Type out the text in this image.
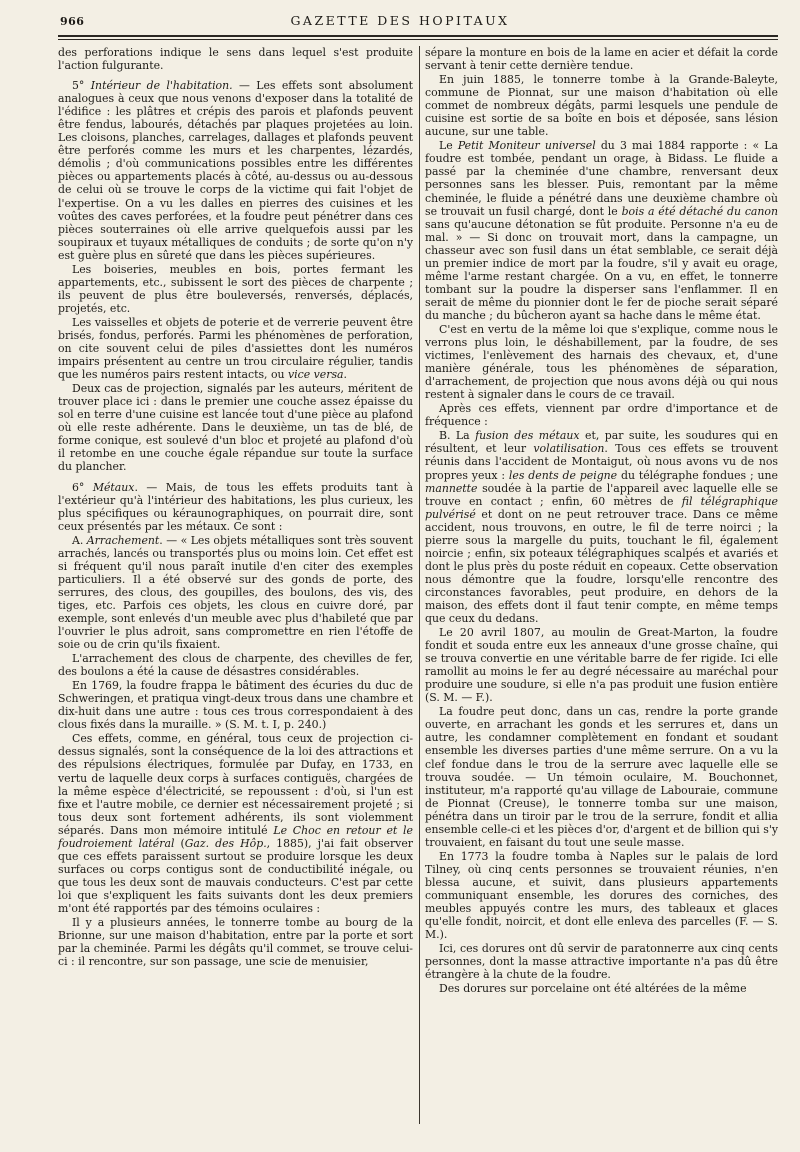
966	GAZETTE DES HOPITAUX

des perforations indique le sens dans lequel s'est produite l'action fulgurante.

5° Intérieur de l'habitation. — Les effets sont absolument analogues à ceux que nous venons d'exposer dans la totalité de l'édifice : les plâtres et crépis des parois et plafonds peuvent être fendus, labourés, détachés par plaques projetées au loin. Les cloisons, planches, carrelages, dallages et plafonds peuvent être perforés comme les murs et les charpentes, lézardés, démolis ; d'où communications possibles entre les différentes pièces ou appartements placés à côté, au-dessus ou au-dessous de celui où se trouve le corps de la victime qui fait l'objet de l'expertise. On a vu les dalles en pierres des cuisines et les voûtes des caves perforées, et la foudre peut pénétrer dans ces pièces souterraines où elle arrive quelquefois aussi par les soupiraux et tuyaux métalliques de conduits ; de sorte qu'on n'y est guère plus en sûreté que dans les pièces supérieures.

Les boiseries, meubles en bois, portes fermant les appartements, etc., subissent le sort des pièces de charpente ; ils peuvent de plus être bouleversés, renversés, déplacés, projetés, etc.

Les vaisselles et objets de poterie et de verrerie peuvent être brisés, fondus, perforés. Parmi les phénomènes de perforation, on cite souvent celui de piles d'assiettes dont les numéros impairs présentent au centre un trou circulaire régulier, tandis que les numéros pairs restent intacts, ou vice versa.

Deux cas de projection, signalés par les auteurs, méritent de trouver place ici : dans le premier une couche assez épaisse du sol en terre d'une cuisine est lancée tout d'une pièce au plafond où elle reste adhérente. Dans le deuxième, un tas de blé, de forme conique, est soulevé d'un bloc et projeté au plafond d'où il retombe en une couche égale répandue sur toute la surface du plancher.

6° Métaux. — Mais, de tous les effets produits tant à l'extérieur qu'à l'intérieur des habitations, les plus curieux, les plus spécifiques ou kéraunographiques, on pourrait dire, sont ceux présentés par les métaux. Ce sont :

A. Arrachement. — « Les objets métalliques sont très souvent arrachés, lancés ou transportés plus ou moins loin. Cet effet est si fréquent qu'il nous paraît inutile d'en citer des exemples particuliers. Il a été observé sur des gonds de porte, des serrures, des clous, des goupilles, des boulons, des vis, des tiges, etc. Parfois ces objets, les clous en cuivre doré, par exemple, sont enlevés d'un meuble avec plus d'habileté que par l'ouvrier le plus adroit, sans compromettre en rien l'étoffe de soie ou de crin qu'ils fixaient.

L'arrachement des clous de charpente, des chevilles de fer, des boulons a été la cause de désastres considérables.

En 1769, la foudre frappa le bâtiment des écuries du duc de Schweringen, et pratiqua vingt-deux trous dans une chambre et dix-huit dans une autre : tous ces trous correspondaient à des clous fixés dans la muraille. » (S. M. t. I, p. 240.)

Ces effets, comme, en général, tous ceux de projection ci-dessus signalés, sont la conséquence de la loi des attractions et des répulsions électriques, formulée par Dufay, en 1733, en vertu de laquelle deux corps à surfaces contiguës, chargées de la même espèce d'électricité, se repoussent : d'où, si l'un est fixe et l'autre mobile, ce dernier est nécessairement projeté ; si tous deux sont fortement adhérents, ils sont violemment séparés. Dans mon mémoire intitulé Le Choc en retour et le foudroiement latéral (Gaz. des Hôp., 1885), j'ai fait observer que ces effets paraissent surtout se produire lorsque les deux surfaces ou corps contigus sont de conductibilité inégale, ou que tous les deux sont de mauvais conducteurs. C'est par cette loi que s'expliquent les faits suivants dont les deux premiers m'ont été rapportés par des témoins oculaires :

Il y a plusieurs années, le tonnerre tombe au bourg de la Brionne, sur une maison d'habitation, entre par la porte et sort par la cheminée. Parmi les dégâts qu'il commet, se trouve celui-ci : il rencontre, sur son passage, une scie de menuisier,

sépare la monture en bois de la lame en acier et défait la corde servant à tenir cette dernière tendue.

En juin 1885, le tonnerre tombe à la Grande-Baleyte, commune de Pionnat, sur une maison d'habitation où elle commet de nombreux dégâts, parmi lesquels une pendule de cuisine est sortie de sa boîte en bois et déposée, sans lésion aucune, sur une table.

Le Petit Moniteur universel du 3 mai 1884 rapporte : « La foudre est tombée, pendant un orage, à Bidass. Le fluide a passé par la cheminée d'une chambre, renversant deux personnes sans les blesser. Puis, remontant par la même cheminée, le fluide a pénétré dans une deuxième chambre où se trouvait un fusil chargé, dont le bois a été détaché du canon sans qu'aucune détonation se fût produite. Personne n'a eu de mal. » — Si donc on trouvait mort, dans la campagne, un chasseur avec son fusil dans un état semblable, ce serait déjà un premier indice de mort par la foudre, s'il y avait eu orage, même l'arme restant chargée. On a vu, en effet, le tonnerre tombant sur la poudre la disperser sans l'enflammer. Il en serait de même du pionnier dont le fer de pioche serait séparé du manche ; du bûcheron ayant sa hache dans le même état.

C'est en vertu de la même loi que s'explique, comme nous le verrons plus loin, le déshabillement, par la foudre, de ses victimes, l'enlèvement des harnais des chevaux, et, d'une manière générale, tous les phénomènes de séparation, d'arrachement, de projection que nous avons déjà ou qui nous restent à signaler dans le cours de ce travail.

Après ces effets, viennent par ordre d'importance et de fréquence :

B. La fusion des métaux et, par suite, les soudures qui en résultent, et leur volatilisation. Tous ces effets se trouvent réunis dans l'accident de Montaigut, où nous avons vu de nos propres yeux : les dents de peigne du télégraphe fondues ; une mannette soudée à la partie de l'appareil avec laquelle elle se trouve en contact ; enfin, 60 mètres de fil télégraphique pulvérisé et dont on ne peut retrouver trace. Dans ce même accident, nous trouvons, en outre, le fil de terre noirci ; la pierre sous la margelle du puits, touchant le fil, également noircie ; enfin, six poteaux télégraphiques scalpés et avariés et dont le plus près du poste réduit en copeaux. Cette observation nous démontre que la foudre, lorsqu'elle rencontre des circonstances favorables, peut produire, en dehors de la maison, des effets dont il faut tenir compte, en même temps que ceux du dedans.

Le 20 avril 1807, au moulin de Great-Marton, la foudre fondit et souda entre eux les anneaux d'une grosse chaîne, qui se trouva convertie en une véritable barre de fer rigide. Ici elle ramollit au moins le fer au degré nécessaire au maréchal pour produire une soudure, si elle n'a pas produit une fusion entière (S. M. — F.).

La foudre peut donc, dans un cas, rendre la porte grande ouverte, en arrachant les gonds et les serrures et, dans un autre, les condamner complètement en fondant et soudant ensemble les diverses parties d'une même serrure. On a vu la clef fondue dans le trou de la serrure avec laquelle elle se trouva soudée. — Un témoin oculaire, M. Bouchonnet, instituteur, m'a rapporté qu'au village de Labouraie, commune de Pionnat (Creuse), le tonnerre tomba sur une maison, pénétra dans un tiroir par le trou de la serrure, fondit et allia ensemble celle-ci et les pièces d'or, d'argent et de billion qui s'y trouvaient, en faisant du tout une seule masse.

En 1773 la foudre tomba à Naples sur le palais de lord Tilney, où cinq cents personnes se trouvaient réunies, n'en blessa aucune, et suivit, dans plusieurs appartements communiquant ensemble, les dorures des corniches, des meubles appuyés contre les murs, des tableaux et glaces qu'elle fondit, noircit, et dont elle enleva des parcelles (F. — S. M.).

Ici, ces dorures ont dû servir de paratonnerre aux cinq cents personnes, dont la masse attractive importante n'a pas dû être étrangère à la chute de la foudre.

Des dorures sur porcelaine ont été altérées de la même
